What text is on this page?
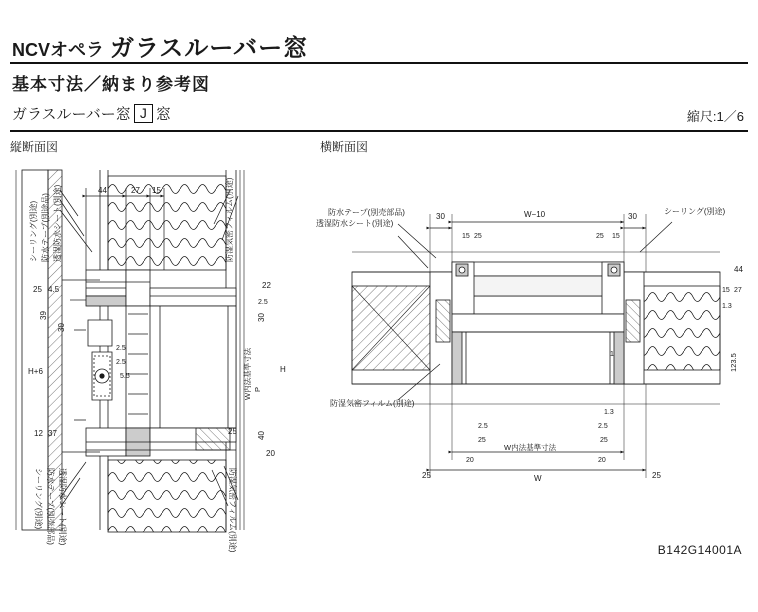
NCVオペラ ガラスルーバー窓
基本寸法／納まり参考図
ガラスルーバー窓 J 窓	縮尺:1／6
縦断面図	横断面図
B142G14001A
シーリング(別途) 防水テープ(別途品) 透湿防水シート(別途)	防湿気密フィルム(別途)
シーリング(別途) 防水テープ(別売部品) 透湿防水シート(別途)	防湿気密フィルム(別途)
44	27 15
25 4.5
39
30
H+6
12 37
22
2.5
30
H
25	40
20
W内法基準寸法 P
2.5
2.5
5.5
防水テープ(別売部品)
透湿防水シート(別途)
防湿気密フィルム(別途)
シーリング(別途)
30	W−10	30
15 25	25 15
44
15 27
1.3
123.5
25
20	20
25
2.5
25
1.3
2.5
25
W内法基準寸法
W
1
